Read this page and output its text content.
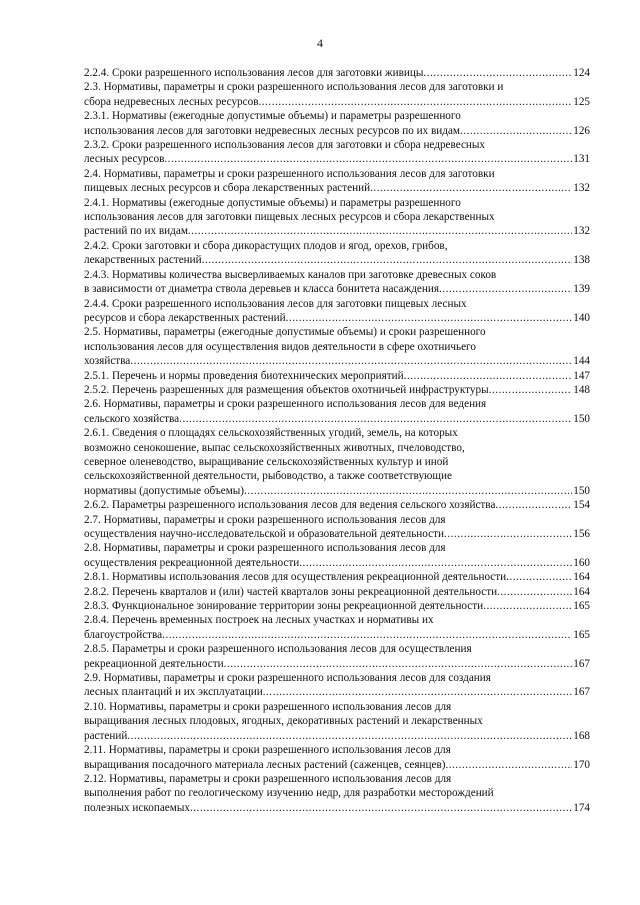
4
2.2.4. Сроки разрешенного использования лесов для заготовки живицы .....	124
2.3. Нормативы, параметры и сроки разрешенного использования лесов для заготовки и
сбора недревесных лесных ресурсов .....	125
2.3.1. Нормативы (ежегодные допустимые объемы) и параметры разрешенного
использования лесов для заготовки недревесных лесных ресурсов по их видам .....	126
2.3.2. Сроки разрешенного использования лесов для заготовки и сбора недревесных
лесных ресурсов .....	131
2.4. Нормативы, параметры и сроки разрешенного использования лесов для заготовки
пищевых лесных ресурсов и сбора лекарственных растений .....	132
2.4.1. Нормативы (ежегодные допустимые объемы) и параметры разрешенного
использования лесов для заготовки пищевых лесных ресурсов и сбора лекарственных
растений по их видам .....	132
2.4.2. Сроки заготовки и сбора дикорастущих плодов и ягод, орехов, грибов,
лекарственных растений .....	138
2.4.3. Нормативы количества высверливаемых каналов при заготовке древесных соков
в зависимости от диаметра ствола деревьев и класса бонитета насаждения .....	139
2.4.4. Сроки разрешенного использования лесов для заготовки пищевых лесных
ресурсов и сбора лекарственных растений .....	140
2.5. Нормативы, параметры (ежегодные допустимые объемы) и сроки разрешенного
использования лесов для осуществления видов деятельности в сфере охотничьего
хозяйства .....	144
2.5.1. Перечень и нормы проведения биотехнических мероприятий .....	147
2.5.2. Перечень разрешенных для размещения объектов охотничьей инфраструктуры .....	148
2.6. Нормативы, параметры и сроки разрешенного использования лесов для ведения
сельского хозяйства .....	150
2.6.1. Сведения о площадях сельскохозяйственных угодий, земель, на которых
возможно сенокошение, выпас сельскохозяйственных животных, пчеловодство,
северное оленеводство, выращивание сельскохозяйственных культур и иной
сельскохозяйственной деятельности, рыбоводство, а также соответствующие
нормативы (допустимые объемы) .....	150
2.6.2. Параметры разрешенного использования лесов для ведения сельского хозяйства .....	154
2.7. Нормативы, параметры и сроки разрешенного использования лесов для
осуществления научно-исследовательской и образовательной деятельности .....	156
2.8. Нормативы, параметры и сроки разрешенного использования лесов для
осуществления рекреационной деятельности .....	160
2.8.1. Нормативы использования лесов для осуществления рекреационной деятельности .....	164
2.8.2. Перечень кварталов и (или) частей кварталов зоны рекреационной деятельности .....	164
2.8.3. Функциональное зонирование территории зоны рекреационной деятельности .....	165
2.8.4. Перечень временных построек на лесных участках и нормативы их
благоустройства .....	165
2.8.5. Параметры и сроки разрешенного использования лесов для осуществления
рекреационной деятельности .....	167
2.9. Нормативы, параметры и сроки разрешенного использования лесов для создания
лесных плантаций и их эксплуатации .....	167
2.10. Нормативы, параметры и сроки разрешенного использования лесов для
выращивания лесных плодовых, ягодных, декоративных растений и лекарственных
растений .....	168
2.11. Нормативы, параметры и сроки разрешенного использования лесов для
выращивания посадочного материала лесных растений (саженцев, сеянцев) .....	170
2.12. Нормативы, параметры и сроки разрешенного использования лесов для
выполнения работ по геологическому изучению недр, для разработки месторождений
полезных ископаемых .....	174
